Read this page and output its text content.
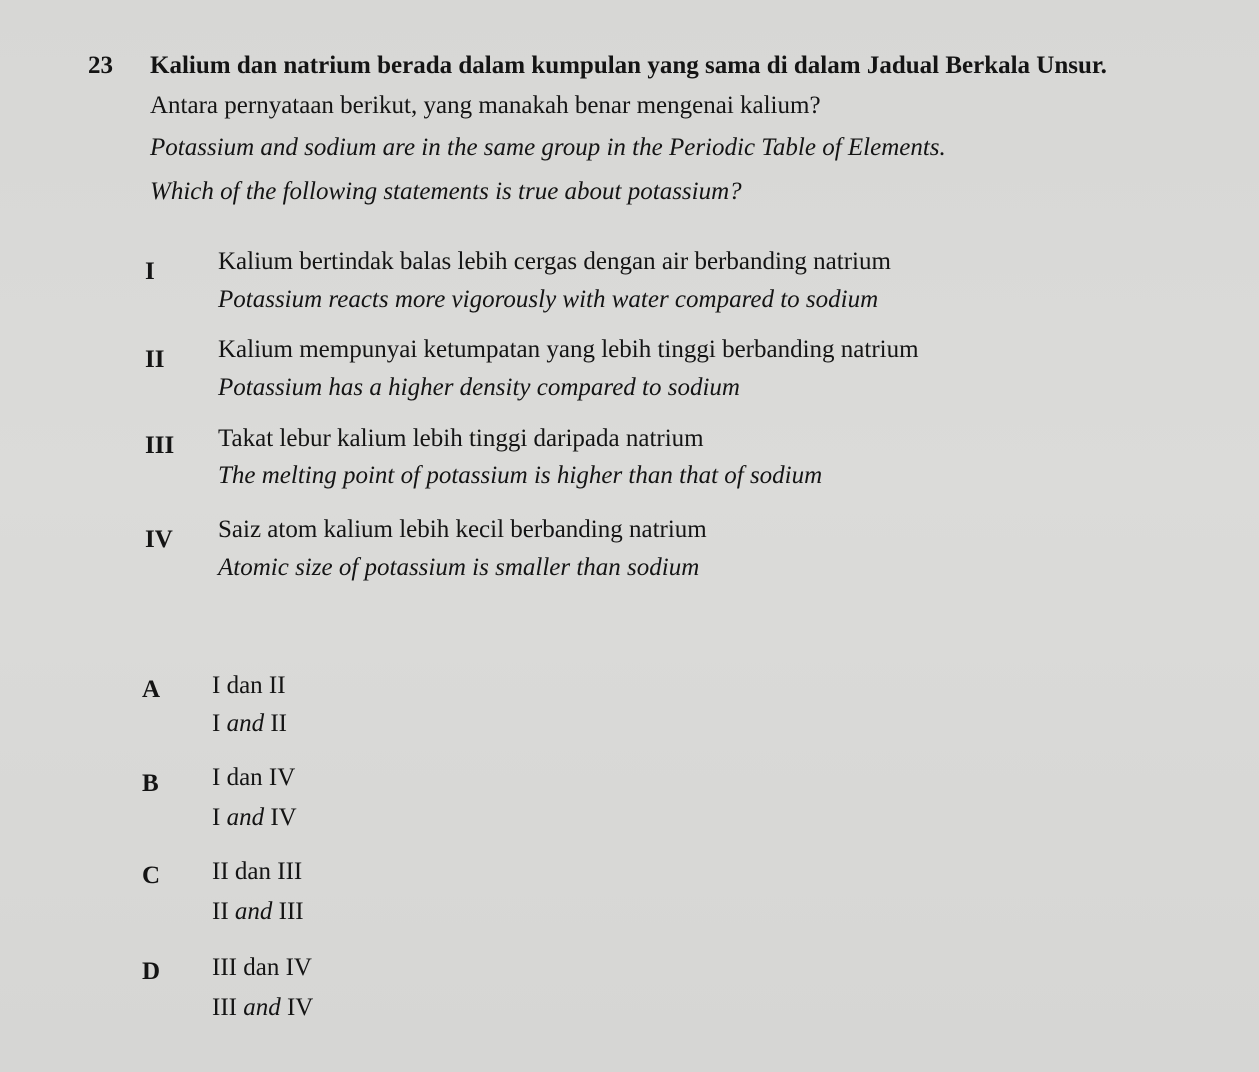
23 Kalium dan natrium berada dalam kumpulan yang sama di dalam Jadual Berkala Unsur.
Antara pernyataan berikut, yang manakah benar mengenai kalium?
Potassium and sodium are in the same group in the Periodic Table of Elements.
Which of the following statements is true about potassium?
I	Kalium bertindak balas lebih cergas dengan air berbanding natrium
Potassium reacts more vigorously with water compared to sodium
II Kalium mempunyai ketumpatan yang lebih tinggi berbanding natrium
Potassium has a higher density compared to sodium
III Takat lebur kalium lebih tinggi daripada natrium
The melting point of potassium is higher than that of sodium
IV Saiz atom kalium lebih kecil berbanding natrium
Atomic size of potassium is smaller than sodium
A I dan II
I and II
B I dan IV
I and IV
C II dan III
II and III
D III dan IV
III and IV
